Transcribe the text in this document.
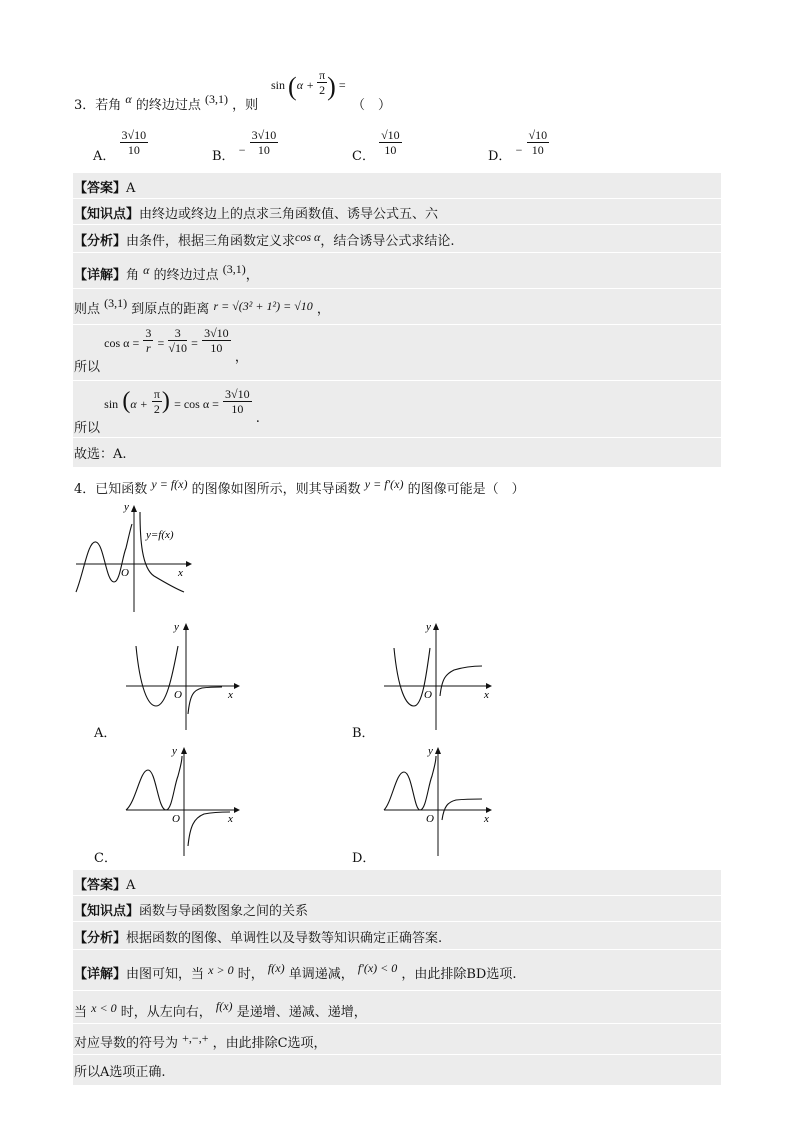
3．若角 α 的终边过点 (3,1) ，则
$\sin (\alpha + \frac{\pi}{2}$ ) =
（　）
A． $\frac{3√10}{10}$	B． − $\frac{3√10}{10}$	C． $\frac{√10}{10}$	D． − $\frac{√10}{10}$
【答案】A
【知识点】由终边或终边上的点求三角函数值、诱导公式五、六
【分析】由条件，根据三角函数定义求cos α，结合诱导公式求结论.
【详解】角 α 的终边过点 (3,1)，
则点 (3,1) 到原点的距离 r = √(3² + 1²) = √10 ，
所以 $\cos \alpha = \frac{3}{r} = \frac{3}{√10} = \frac{3√10}{10}$
，
所以 $\sin (\alpha + \frac{\pi}{2}$ ) = $\cos \alpha = \frac{3√10}{10}$
.
故选：A.
4．已知函数 y = f(x) 的图像如图所示，则其导函数 y = f′(x) 的图像可能是（　）
y
x
O
y=f(x)
y
x
O
A．
y
x
O
B．
y
x
O
C．
y
x
O
D．
【答案】A
【知识点】函数与导函数图象之间的关系
【分析】根据函数的图像、单调性以及导数等知识确定正确答案.
【详解】由图可知，当 x > 0 时， f(x) 单调递减， f′(x) < 0 ，由此排除BD选项.
当 x < 0 时，从左向右， f(x) 是递增、递减、递增，
对应导数的符号为 +,−,+ ，由此排除C选项，
所以A选项正确.
